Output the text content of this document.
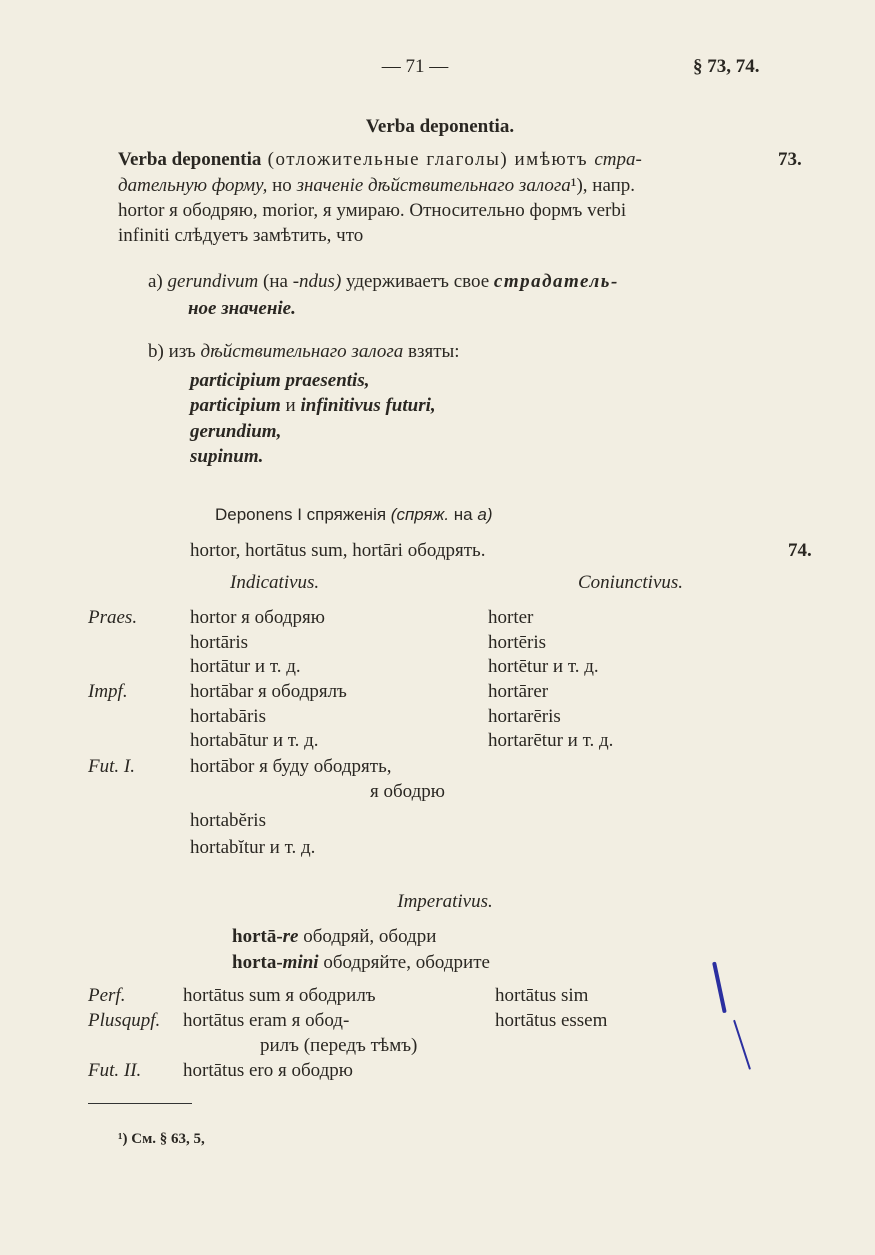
— 71 —	§ 73, 74.
Verba deponentia.
Verba deponentia (отложительные глаголы) имѣютъ стра-	73.
дательную форму, но значеніе дѣйствительнаго залога¹), напр.
hortor я ободряю, morior, я умираю. Относительно формъ verbi
infiniti слѣдуетъ замѣтить, что
a) gerundivum (на -ndus) удерживаетъ свое страдатель-
ное значеніе.
b) изъ дѣйствительнаго залога взяты:
participium praesentis,
participium и infinitivus futuri,
gerundium,
supinum.
Deponens I спряженія (спряж. на a)
hortor, hortātus sum, hortāri ободрять.	74.
Indicativus.	Coniunctivus.
Praes.	hortor я ободряю	horter
hortāris	hortēris
hortātur и т. д.	hortētur и т. д.
Impf.	hortābar я ободрялъ	hortārer
hortabāris	hortarēris
hortabātur и т. д.	hortarētur и т. д.
Fut. I.	hortābor я буду ободрять,
я ободрю
hortabĕris
hortabĭtur и т. д.
Imperativus.
hortā-re ободряй, ободри
horta-mini ободряйте, ободрите
Perf.	hortātus sum я ободрилъ	hortātus sim
Plusqupf. hortātus eram я обод-	hortātus essem
рилъ (передъ тѣмъ)
Fut. II. hortātus ero я ободрю
¹) См. § 63, 5,
